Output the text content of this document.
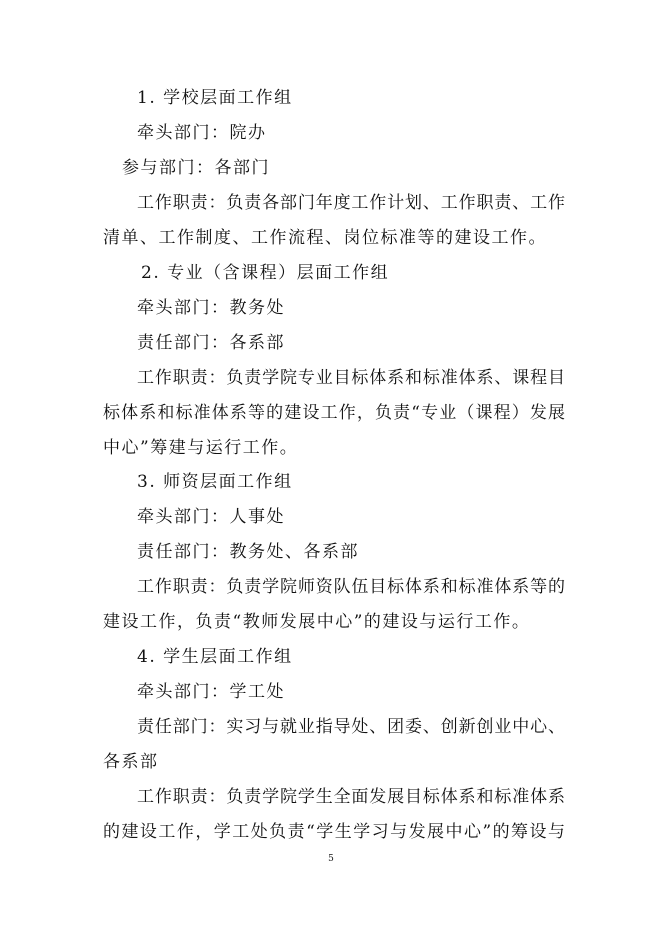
1. 学校层面工作组
牵头部门：院办
参与部门：各部门
工作职责：负责各部门年度工作计划、工作职责、工作
清单、工作制度、工作流程、岗位标准等的建设工作。
2. 专业（含课程）层面工作组
牵头部门：教务处
责任部门：各系部
工作职责：负责学院专业目标体系和标准体系、课程目
标体系和标准体系等的建设工作，负责“专业（课程）发展
中心”筹建与运行工作。
3. 师资层面工作组
牵头部门：人事处
责任部门：教务处、各系部
工作职责：负责学院师资队伍目标体系和标准体系等的
建设工作，负责“教师发展中心”的建设与运行工作。
4. 学生层面工作组
牵头部门：学工处
责任部门：实习与就业指导处、团委、创新创业中心、
各系部
工作职责：负责学院学生全面发展目标体系和标准体系
的建设工作，学工处负责“学生学习与发展中心”的筹设与
5
